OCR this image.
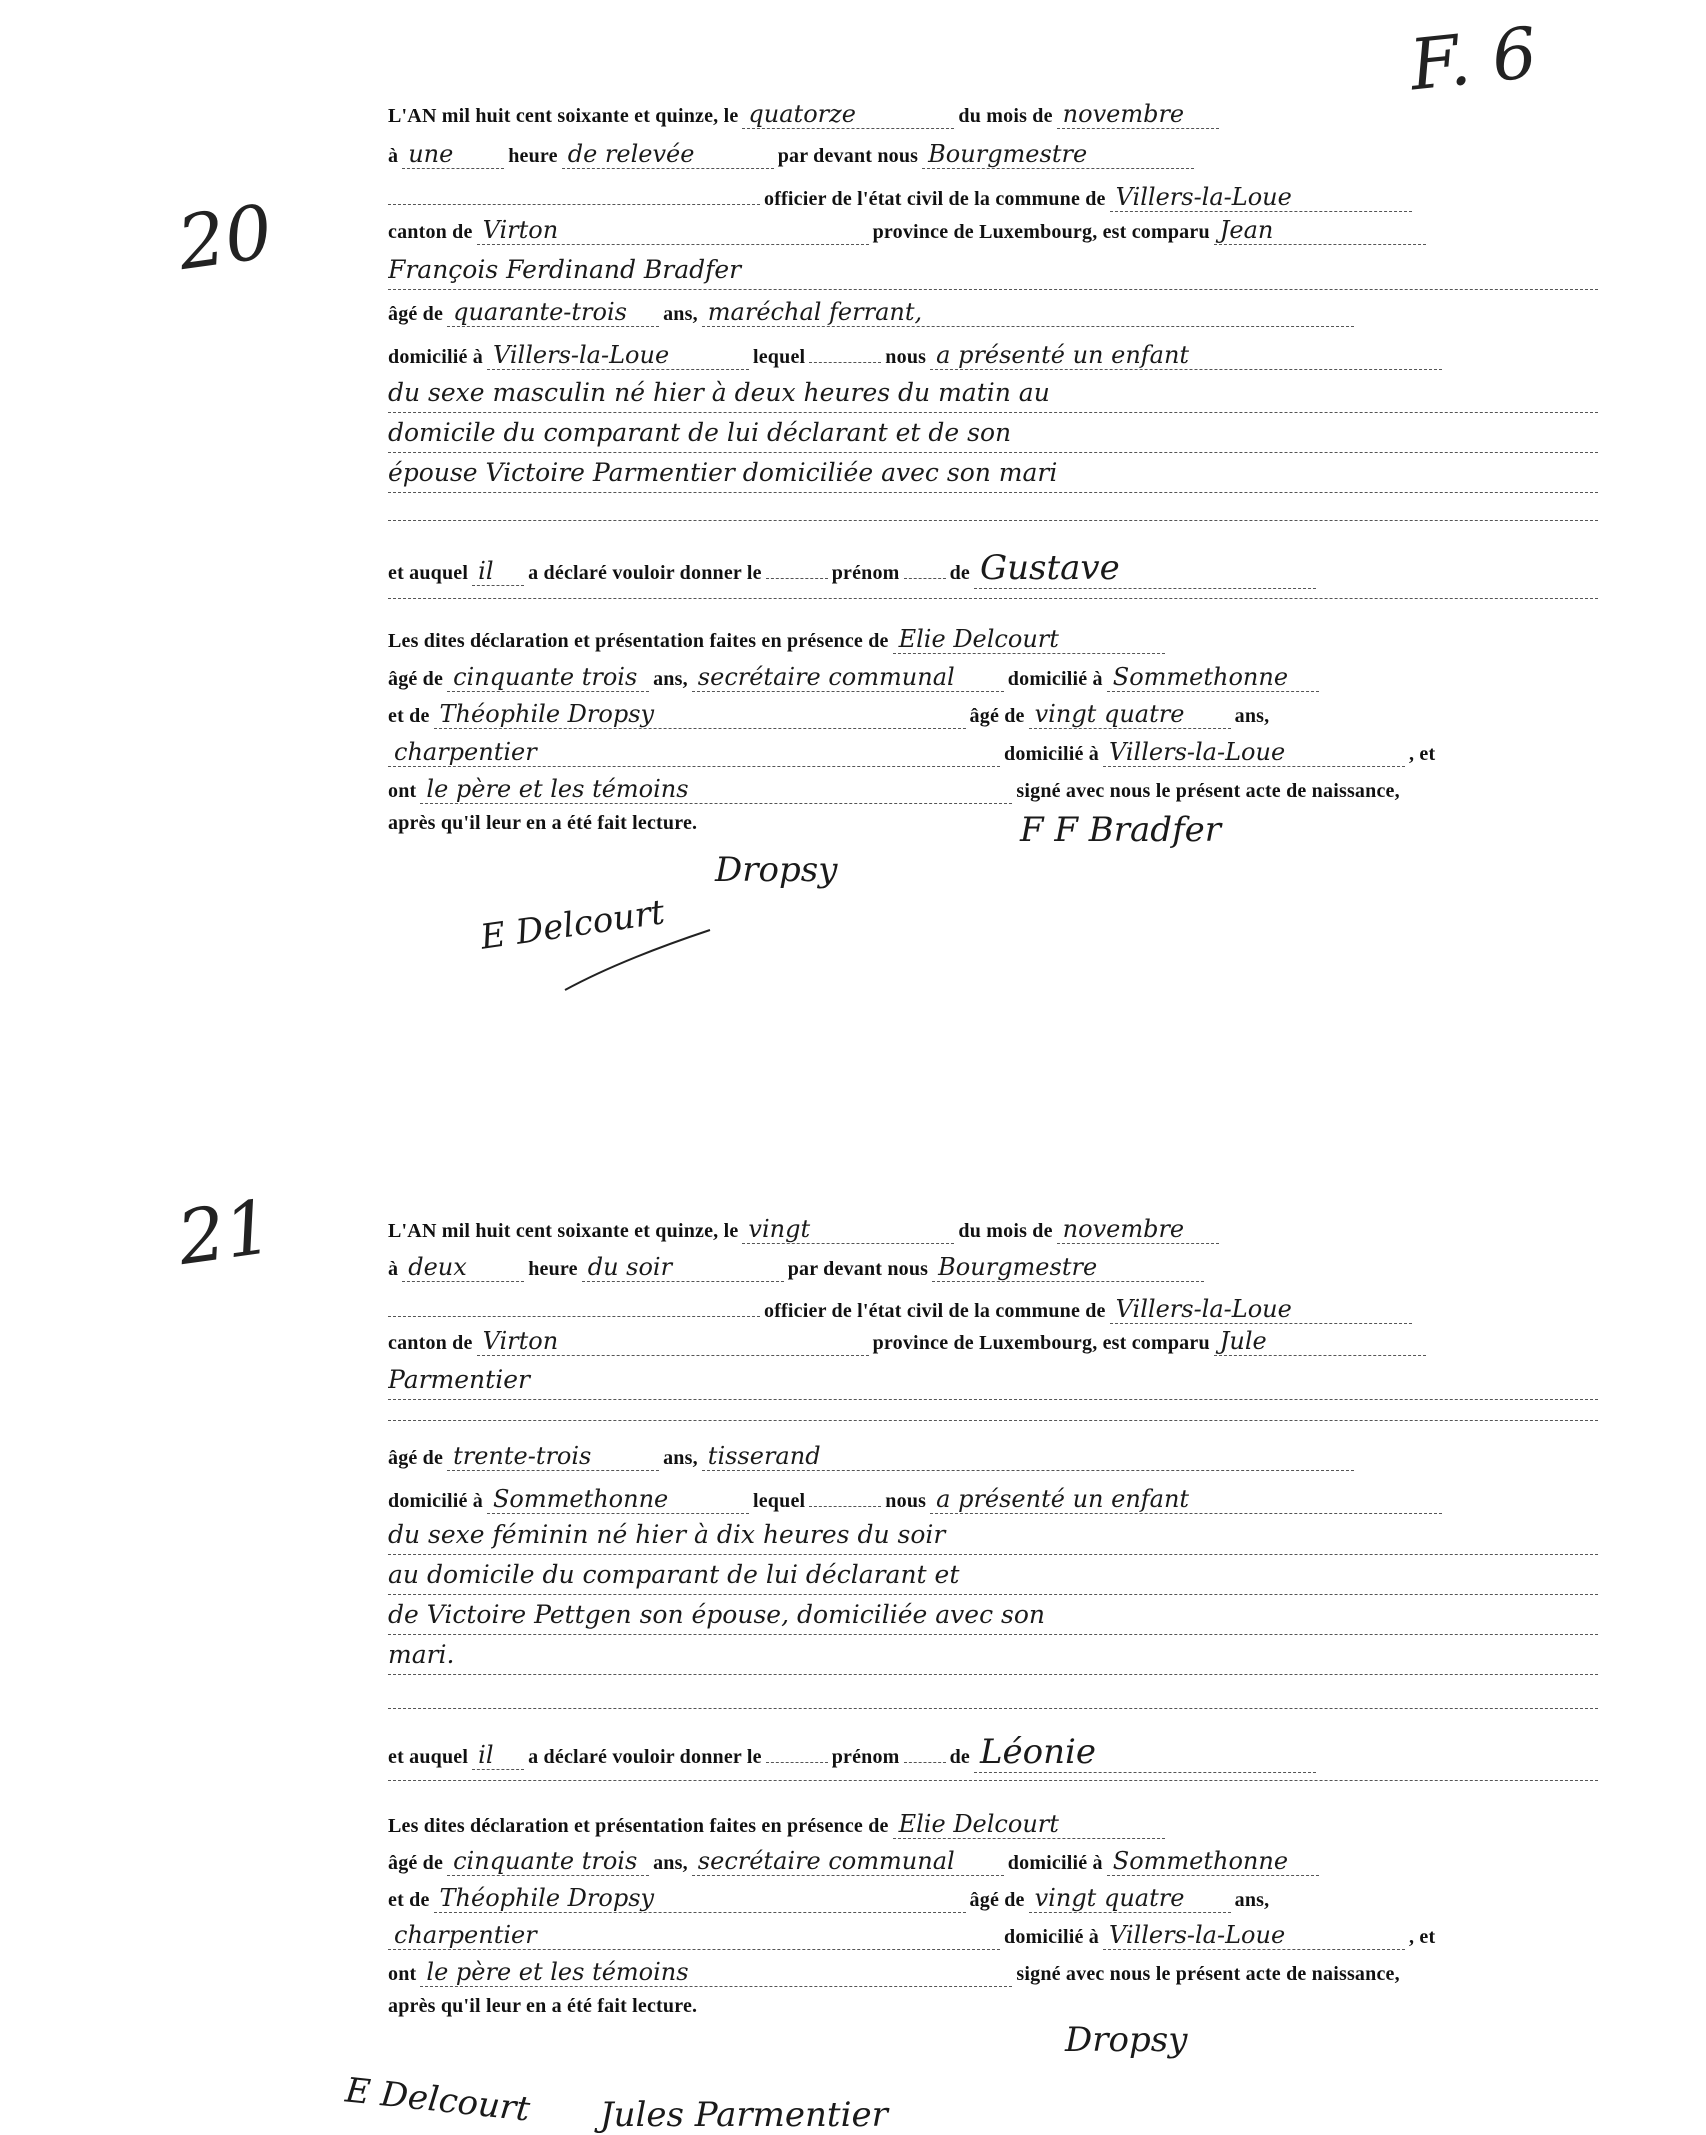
F. 6
20
L'AN mil huit cent soixante et quinze, le quatorze	du mois de novembre
à une	heure de relevée	par devant nous Bourgmestre
officier de l'état civil de la commune de Villers-la-Loue
canton de Virton	province de Luxembourg, est comparu Jean
François Ferdinand Bradfer
âgé de quarante-trois ans, maréchal ferrant,
domicilié à Villers-la-Loue	lequel	nous a présenté un enfant
du sexe masculin né hier à deux heures du matin au
domicile du comparant de lui déclarant et de son
épouse Victoire Parmentier domiciliée avec son mari
et auquel il a déclaré vouloir donner le	prénom	de Gustave
Les dites déclaration et présentation faites en présence de Elie Delcourt
âgé de cinquante trois ans, secrétaire communal	domicilié à Sommethonne
et de Théophile Dropsy	âgé de vingt quatre	ans,
charpentier	domicilié à Villers-la-Loue	, et
ont le père et les témoins	signé avec nous le présent acte de naissance,
après qu'il leur en a été fait lecture.	F F Bradfer
Dropsy
E Delcourt
21	L'AN mil huit cent soixante et quinze, le vingt	du mois de novembre
à deux	heure du soir	par devant nous Bourgmestre
officier de l'état civil de la commune de Villers-la-Loue
canton de Virton	province de Luxembourg, est comparu Jule
Parmentier
âgé de trente-trois	ans, tisserand
domicilié à Sommethonne	lequel	nous a présenté un enfant
du sexe féminin né hier à dix heures du soir
au domicile du comparant de lui déclarant et
de Victoire Pettgen son épouse, domiciliée avec son
mari.
et auquel il a déclaré vouloir donner le	prénom	de Léonie
Les dites déclaration et présentation faites en présence de Elie Delcourt
âgé de cinquante trois ans, secrétaire communal	domicilié à Sommethonne
et de Théophile Dropsy	âgé de vingt quatre	ans,
charpentier	domicilié à Villers-la-Loue	, et
ont le père et les témoins	signé avec nous le présent acte de naissance,
après qu'il leur en a été fait lecture.
Dropsy
E Delcourt Jules Parmentier
